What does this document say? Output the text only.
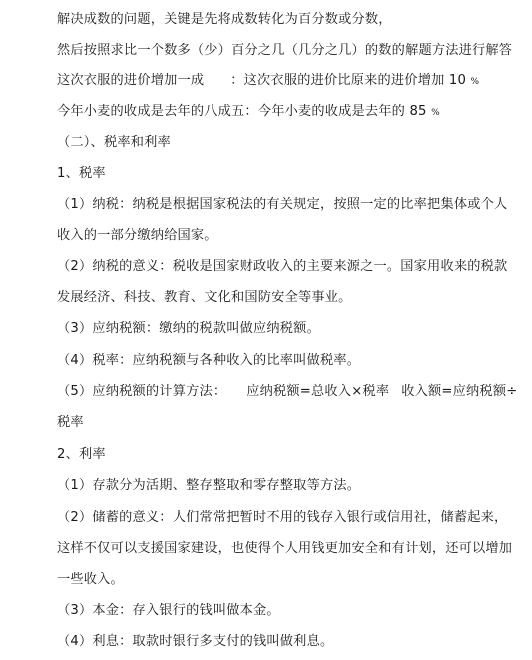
解决成数的问题，关键是先将成数转化为百分数或分数，
然后按照求比一个数多（少）百分之几（几分之几）的数的解题方法进行解答
这次衣服的进价增加一成 ：这次衣服的进价比原来的进价增加 10 %
今年小麦的收成是去年的八成五：今年小麦的收成是去年的 85 %
（二）、税率和利率
1、税率
（1）纳税：纳税是根据国家税法的有关规定，按照一定的比率把集体或个人
收入的一部分缴纳给国家。
（2）纳税的意义：税收是国家财政收入的主要来源之一。国家用收来的税款
发展经济、科技、教育、文化和国防安全等事业。
（3）应纳税额：缴纳的税款叫做应纳税额。
（4）税率：应纳税额与各种收入的比率叫做税率。
（5）应纳税额的计算方法： 应纳税额=总收入×税率 收入额=应纳税额÷
税率
2、利率
（1）存款分为活期、整存整取和零存整取等方法。
（2）储蓄的意义：人们常常把暂时不用的钱存入银行或信用社，储蓄起来，
这样不仅可以支援国家建设，也使得个人用钱更加安全和有计划，还可以增加
一些收入。
（3）本金：存入银行的钱叫做本金。
（4）利息：取款时银行多支付的钱叫做利息。
